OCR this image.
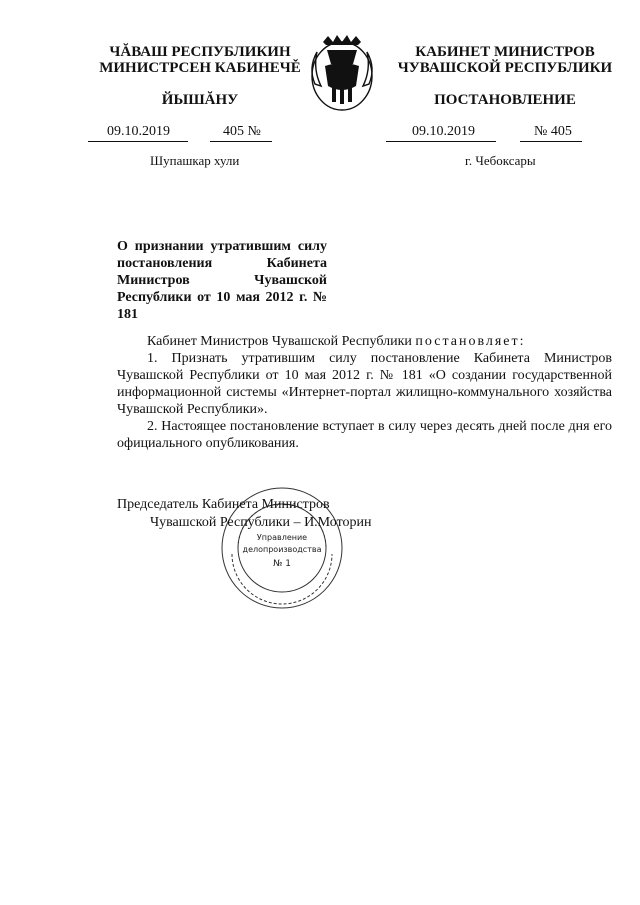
ЧĂВАШ РЕСПУБЛИКИН
МИНИСТРСЕН КАБИНЕЧĚ
ЙЫШĂНУ
КАБИНЕТ МИНИСТРОВ
ЧУВАШСКОЙ РЕСПУБЛИКИ
ПОСТАНОВЛЕНИЕ
09.10.2019	405 №	09.10.2019	№ 405
Шупашкар хули	г. Чебоксары
О признании утратившим силу постановления Кабинета Министров Чувашской Республики от 10 мая 2012 г. № 181

Кабинет Министров Чувашской Республики постановляет:

1. Признать утратившим силу постановление Кабинета Министров Чувашской Республики от 10 мая 2012 г. № 181 «О создании государственной информационной системы «Интернет-портал жилищно-коммунального хозяйства Чувашской Республики».

2. Настоящее постановление вступает в силу через десять дней после дня его официального опубликования.

Управление
делопроизводства
№ 1
Председатель Кабинета Министров
Чувашской Республики – И.Моторин
